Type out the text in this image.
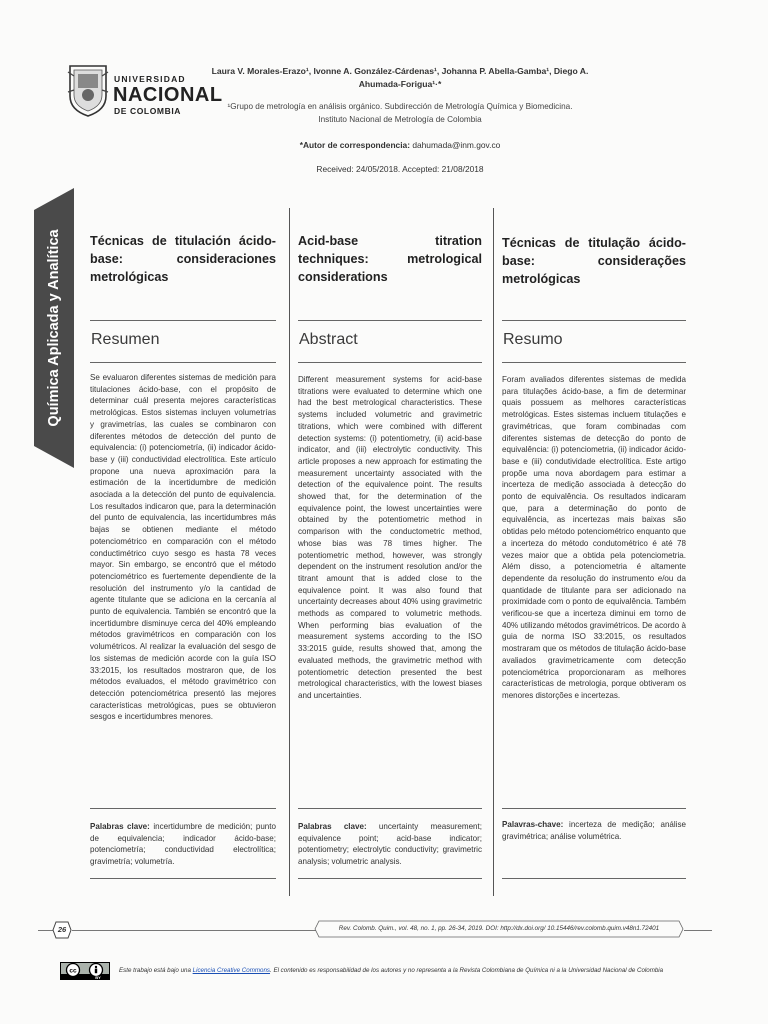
UNIVERSIDAD
NACIONAL
DE COLOMBIA
Laura V. Morales-Erazo¹, Ivonne A. González-Cárdenas¹, Johanna P. Abella-Gamba¹, Diego A. Ahumada-Forigua¹·*
¹Grupo de metrología en análisis orgánico. Subdirección de Metrología Química y Biomedicina.
Instituto Nacional de Metrología de Colombia
*Autor de correspondencia: dahumada@inm.gov.co
Received: 24/05/2018. Accepted: 21/08/2018
Química Aplicada y Analítica Técnicas de titulación ácido-base: consideraciones metrológicas
Resumen
Se evaluaron diferentes sistemas de medición para titulaciones ácido-base, con el propósito de determinar cuál presenta mejores características metrológicas. Estos sistemas incluyen volumetrías y gravimetrías, las cuales se combinaron con diferentes métodos de detección del punto de equivalencia: (i) potenciometría, (ii) indicador ácido-base y (iii) conductividad electrolítica. Este artículo propone una nueva aproximación para la estimación de la incertidumbre de medición asociada a la detección del punto de equivalencia. Los resultados indicaron que, para la determinación del punto de equivalencia, las incertidumbres más bajas se obtienen mediante el método potenciométrico en comparación con el método conductimétrico cuyo sesgo es hasta 78 veces mayor. Sin embargo, se encontró que el método potenciométrico es fuertemente dependiente de la resolución del instrumento y/o la cantidad de agente titulante que se adiciona en la cercanía al punto de equivalencia. También se encontró que la incertidumbre disminuye cerca del 40% empleando métodos gravimétricos en comparación con los volumétricos. Al realizar la evaluación del sesgo de los sistemas de medición acorde con la guía ISO 33:2015, los resultados mostraron que, de los métodos evaluados, el método gravimétrico con detección potenciométrica presentó las mejores características metrológicas, pues se obtuvieron sesgos e incertidumbres menores.
Palabras clave: incertidumbre de medición; punto de equivalencia; indicador ácido-base; potenciometría; conductividad electrolítica; gravimetría; volumetría.
Acid-base titration techniques: metrological considerations
Abstract
Different measurement systems for acid-base titrations were evaluated to determine which one had the best metrological characteristics. These systems included volumetric and gravimetric titrations, which were combined with different detection systems: (i) potentiometry, (ii) acid-base indicator, and (iii) electrolytic conductivity. This article proposes a new approach for estimating the measurement uncertainty associated with the detection of the equivalence point. The results showed that, for the determination of the equivalence point, the lowest uncertainties were obtained by the potentiometric method in comparison with the conductometric method, whose bias was 78 times higher. The potentiometric method, however, was strongly dependent on the instrument resolution and/or the titrant amount that is added close to the equivalence point. It was also found that uncertainty decreases about 40% using gravimetric methods as compared to volumetric methods. When performing bias evaluation of the measurement systems according to the ISO 33:2015 guide, results showed that, among the evaluated methods, the gravimetric method with potentiometric detection presented the best metrological characteristics, with the lowest biases and uncertainties.
Palabras clave: uncertainty measurement; equivalence point; acid-base indicator; potentiometry; electrolytic conductivity; gravimetric analysis; volumetric analysis.
Técnicas de titulação ácido-base: considerações metrológicas
Resumo
Foram avaliados diferentes sistemas de medida para titulações ácido-base, a fim de determinar quais possuem as melhores características metrológicas. Estes sistemas incluem titulações e gravimétricas, que foram combinadas com diferentes sistemas de detecção do ponto de equivalência: (i) potenciometria, (ii) indicador ácido-base e (iii) condutividade electrolítica. Este artigo propõe uma nova abordagem para estimar a incerteza de medição associada à detecção do ponto de equivalência. Os resultados indicaram que, para a determinação do ponto de equivalência, as incertezas mais baixas são obtidas pelo método potenciométrico enquanto que a incerteza do método condutométrico é até 78 vezes maior que a obtida pela potenciometria. Além disso, a potenciometria é altamente dependente da resolução do instrumento e/ou da quantidade de titulante para ser adicionado na proximidade com o ponto de equivalência. Também verificou-se que a incerteza diminui em torno de 40% utilizando métodos gravimétricos. De acordo à guia de norma ISO 33:2015, os resultados mostraram que os métodos de titulação ácido-base avaliados gravimetricamente com detecção potenciométrica proporcionaram as melhores características de metrologia, porque obtiveram os menores distorções e incertezas.
Palavras-chave: incerteza de medição; análise gravimétrica; análise volumétrica.
26	Rev. Colomb. Quim., vol. 48, no. 1, pp. 26-34, 2019. DOI: http://dx.doi.org/ 10.15446/rev.colomb.quim.v48n1.72401
cc
BY
Este trabajo está bajo una Licencia Creative Commons. El contenido es responsabilidad de los autores y no representa a la Revista Colombiana de Química ni a la Universidad Nacional de Colombia
